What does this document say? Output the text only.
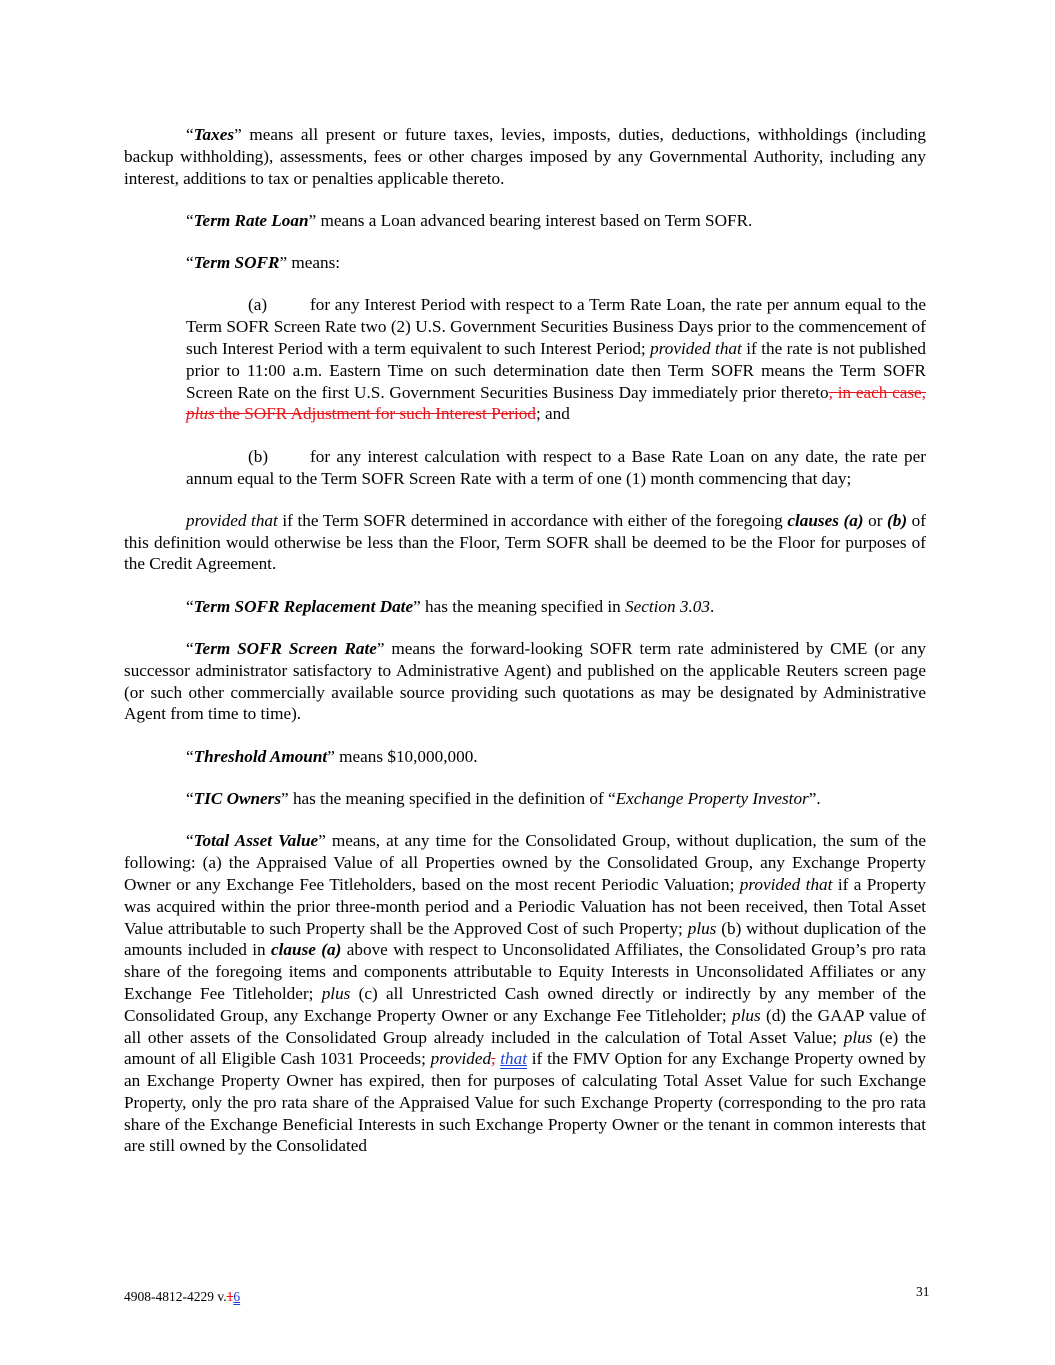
“Taxes” means all present or future taxes, levies, imposts, duties, deductions, withholdings (including backup withholding), assessments, fees or other charges imposed by any Governmental Authority, including any interest, additions to tax or penalties applicable thereto.

“Term Rate Loan” means a Loan advanced bearing interest based on Term SOFR.

“Term SOFR” means:

(a) for any Interest Period with respect to a Term Rate Loan, the rate per annum equal to the Term SOFR Screen Rate two (2) U.S. Government Securities Business Days prior to the commencement of such Interest Period with a term equivalent to such Interest Period; provided that if the rate is not published prior to 11:00 a.m. Eastern Time on such determination date then Term SOFR means the Term SOFR Screen Rate on the first U.S. Government Securities Business Day immediately prior thereto, in each case, plus the SOFR Adjustment for such Interest Period; and

(b) for any interest calculation with respect to a Base Rate Loan on any date, the rate per annum equal to the Term SOFR Screen Rate with a term of one (1) month commencing that day;

provided that if the Term SOFR determined in accordance with either of the foregoing clauses (a) or (b) of this definition would otherwise be less than the Floor, Term SOFR shall be deemed to be the Floor for purposes of the Credit Agreement.

“Term SOFR Replacement Date” has the meaning specified in Section 3.03.

“Term SOFR Screen Rate” means the forward-looking SOFR term rate administered by CME (or any successor administrator satisfactory to Administrative Agent) and published on the applicable Reuters screen page (or such other commercially available source providing such quotations as may be designated by Administrative Agent from time to time).

“Threshold Amount” means $10,000,000.

“TIC Owners” has the meaning specified in the definition of “Exchange Property Investor”.

“Total Asset Value” means, at any time for the Consolidated Group, without duplication, the sum of the following: (a) the Appraised Value of all Properties owned by the Consolidated Group, any Exchange Property Owner or any Exchange Fee Titleholders, based on the most recent Periodic Valuation; provided that if a Property was acquired within the prior three-month period and a Periodic Valuation has not been received, then Total Asset Value attributable to such Property shall be the Approved Cost of such Property; plus (b) without duplication of the amounts included in clause (a) above with respect to Unconsolidated Affiliates, the Consolidated Group’s pro rata share of the foregoing items and components attributable to Equity Interests in Unconsolidated Affiliates or any Exchange Fee Titleholder; plus (c) all Unrestricted Cash owned directly or indirectly by any member of the Consolidated Group, any Exchange Property Owner or any Exchange Fee Titleholder; plus (d) the GAAP value of all other assets of the Consolidated Group already included in the calculation of Total Asset Value; plus (e) the amount of all Eligible Cash 1031 Proceeds; provided, that if the FMV Option for any Exchange Property owned by an Exchange Property Owner has expired, then for purposes of calculating Total Asset Value for such Exchange Property, only the pro rata share of the Appraised Value for such Exchange Property (corresponding to the pro rata share of the Exchange Beneficial Interests in such Exchange Property Owner or the tenant in common interests that are still owned by the Consolidated

4908-4812-4229 v.16	31
